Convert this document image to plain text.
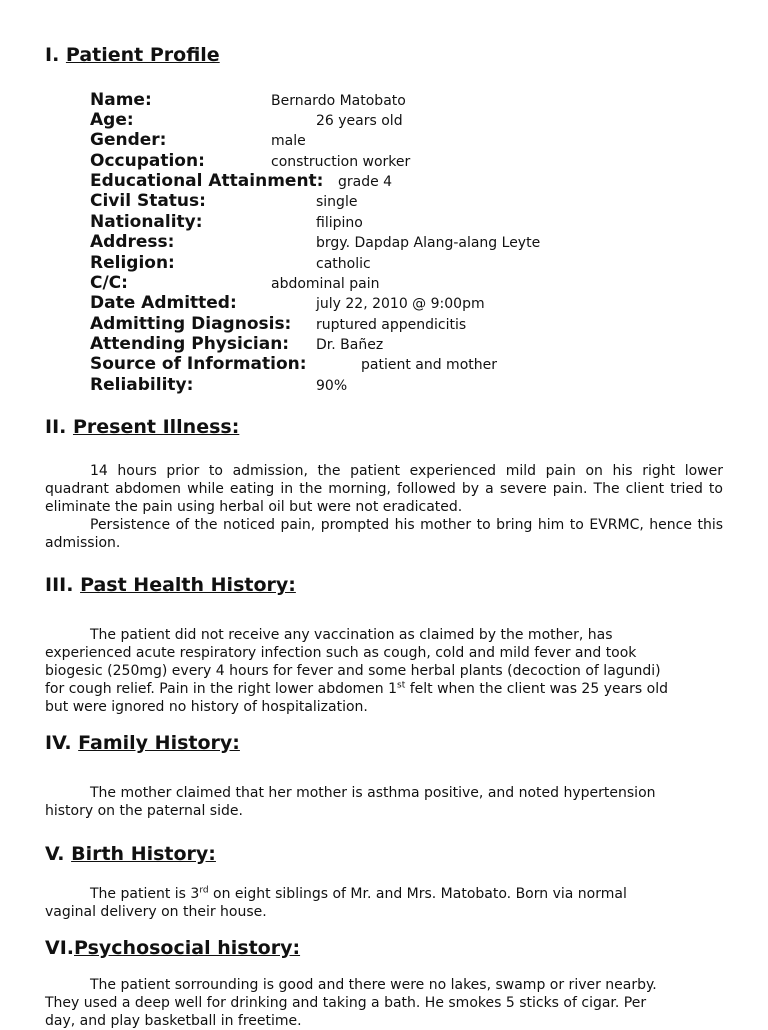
I. Patient Profile
Name:	Bernardo Matobato
Age:	26 years old
Gender:	male
Occupation:	construction worker
Educational Attainment: grade 4
Civil Status:	single
Nationality:	filipino
Address:	brgy. Dapdap Alang-alang Leyte
Religion:	catholic
C/C:	abdominal pain
Date Admitted:	july 22, 2010 @ 9:00pm
Admitting Diagnosis: ruptured appendicitis
Attending Physician: Dr. Bañez
Source of Information:	patient and mother
Reliability:	90%
II. Present Illness:

14 hours prior to admission, the patient experienced mild pain on his right lower quadrant abdomen while eating in the morning, followed by a severe pain. The client tried to eliminate the pain using herbal oil but were not eradicated.

Persistence of the noticed pain, prompted his mother to bring him to EVRMC, hence this admission.

III. Past Health History:

The patient did not receive any vaccination as claimed by the mother, has
experienced acute respiratory infection such as cough, cold and mild fever and took
biogesic (250mg) every 4 hours for fever and some herbal plants (decoction of lagundi)
for cough relief. Pain in the right lower abdomen 1st felt when the client was 25 years old
but were ignored no history of hospitalization.

IV. Family History:

The mother claimed that her mother is asthma positive, and noted hypertension
history on the paternal side.

V. Birth History:

The patient is 3rd on eight siblings of Mr. and Mrs. Matobato. Born via normal
vaginal delivery on their house.

VI.Psychosocial history:

The patient sorrounding is good and there were no lakes, swamp or river nearby.
They used a deep well for drinking and taking a bath. He smokes 5 sticks of cigar. Per
day, and play basketball in freetime.
